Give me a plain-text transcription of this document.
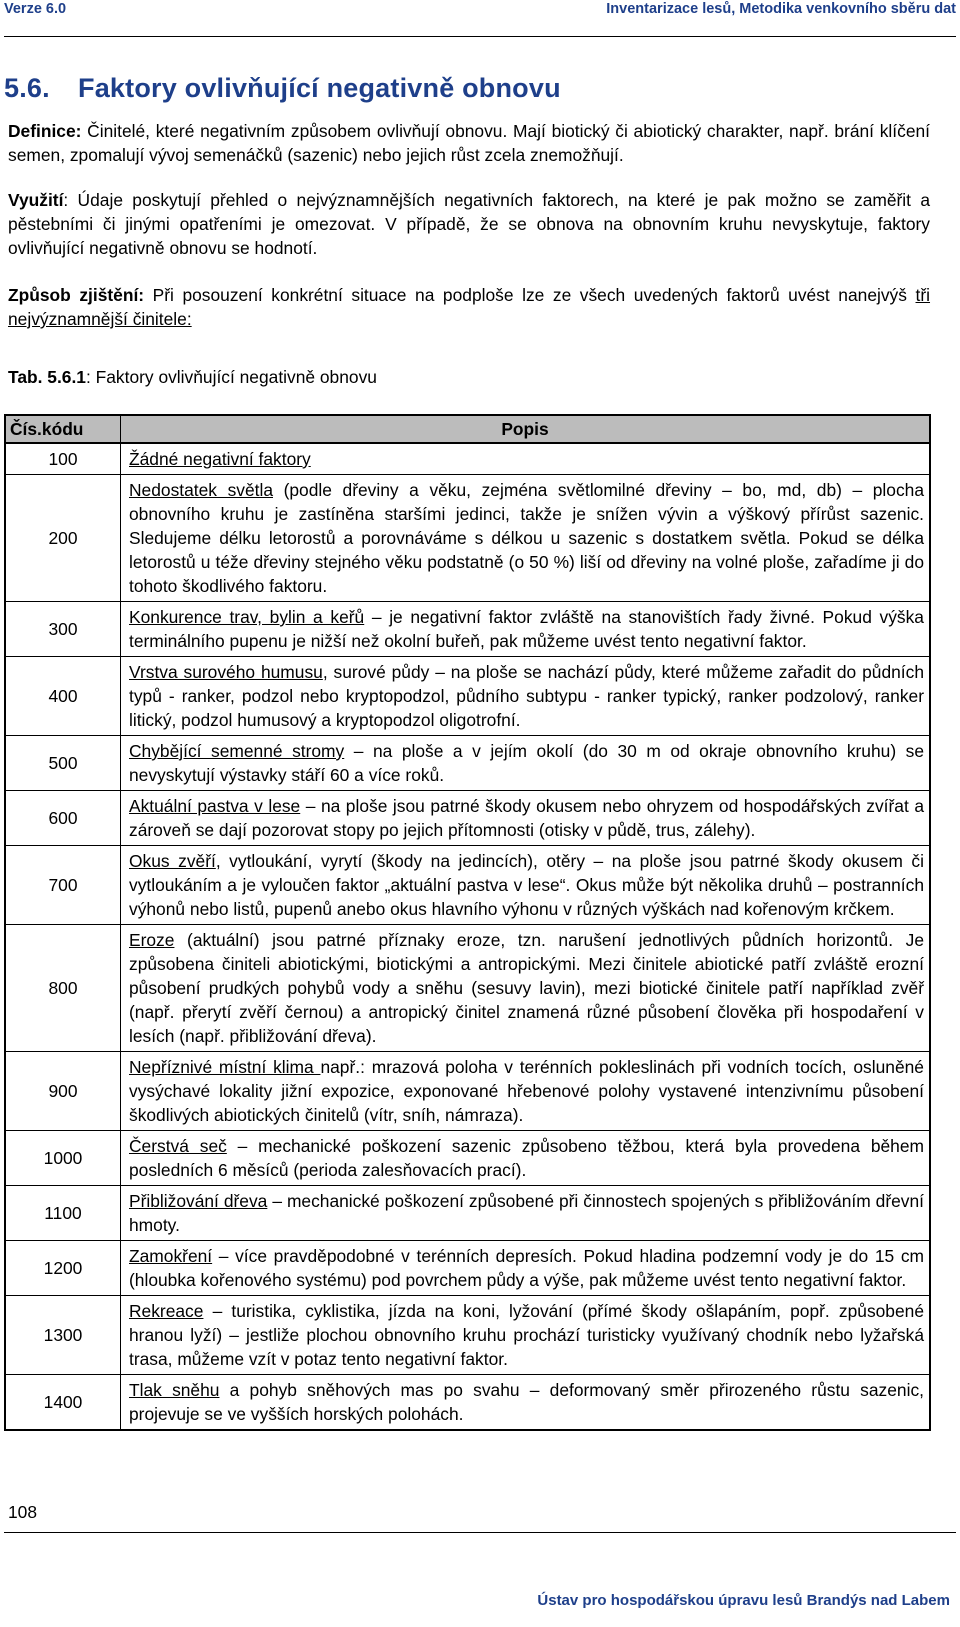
Verze 6.0	Inventarizace lesů, Metodika venkovního sběru dat
5.6. Faktory ovlivňující negativně obnovu

Definice: Činitelé, které negativním způsobem ovlivňují obnovu. Mají biotický či abiotický charakter, např. brání klíčení semen, zpomalují vývoj semenáčků (sazenic) nebo jejich růst zcela znemožňují.

Využití: Údaje poskytují přehled o nejvýznamnějších negativních faktorech, na které je pak možno se zaměřit a pěstebními či jinými opatřeními je omezovat. V případě, že se obnova na obnovním kruhu nevyskytuje, faktory ovlivňující negativně obnovu se hodnotí.

Způsob zjištění: Při posouzení konkrétní situace na podploše lze ze všech uvedených faktorů uvést nanejvýš tři nejvýznamnější činitele:

Tab. 5.6.1: Faktory ovlivňující negativně obnovu
Čís.kódu	Popis
100	Žádné negativní faktory
200	Nedostatek světla (podle dřeviny a věku, zejména světlomilné dřeviny – bo, md, db) – plocha obnovního kruhu je zastíněna staršími jedinci, takže je snížen vývin a výškový přírůst sazenic. Sledujeme délku letorostů a porovnáváme s délkou u sazenic s dostatkem světla. Pokud se délka letorostů u téže dřeviny stejného věku podstatně (o 50 %) liší od dřeviny na volné ploše, zařadíme ji do tohoto škodlivého faktoru.
300	Konkurence trav, bylin a keřů – je negativní faktor zvláště na stanovištích řady živné. Pokud výška terminálního pupenu je nižší než okolní buřeň, pak můžeme uvést tento negativní faktor.
400	Vrstva surového humusu, surové půdy – na ploše se nachází půdy, které můžeme zařadit do půdních typů - ranker, podzol nebo kryptopodzol, půdního subtypu - ranker typický, ranker podzolový, ranker litický, podzol humusový a kryptopodzol oligotrofní.
500	Chybějící semenné stromy – na ploše a v jejím okolí (do 30 m od okraje obnovního kruhu) se nevyskytují výstavky stáří 60 a více roků.
600	Aktuální pastva v lese – na ploše jsou patrné škody okusem nebo ohryzem od hospodářských zvířat a zároveň se dají pozorovat stopy po jejich přítomnosti (otisky v půdě, trus, zálehy).
700	Okus zvěří, vytloukání, vyrytí (škody na jedincích), otěry – na ploše jsou patrné škody okusem či vytloukáním a je vyloučen faktor „aktuální pastva v lese“. Okus může být několika druhů – postranních výhonů nebo listů, pupenů anebo okus hlavního výhonu v různých výškách nad kořenovým krčkem.
800	Eroze (aktuální) jsou patrné příznaky eroze, tzn. narušení jednotlivých půdních horizontů. Je způsobena činiteli abiotickými, biotickými a antropickými. Mezi činitele abiotické patří zvláště erozní působení prudkých pohybů vody a sněhu (sesuvy lavin), mezi biotické činitele patří například zvěř (např. přerytí zvěří černou) a antropický činitel znamená různé působení člověka při hospodaření v lesích (např. přibližování dřeva).
900	Nepříznivé místní klima např.: mrazová poloha v terénních pokleslinách při vodních tocích, osluněné vysýchavé lokality jižní expozice, exponované hřebenové polohy vystavené intenzivnímu působení škodlivých abiotických činitelů (vítr, sníh, námraza).
1000	Čerstvá seč – mechanické poškození sazenic způsobeno těžbou, která byla provedena během posledních 6 měsíců (perioda zalesňovacích prací).
1100	Přibližování dřeva – mechanické poškození způsobené při činnostech spojených s přibližováním dřevní hmoty.
1200	Zamokření – více pravděpodobné v terénních depresích. Pokud hladina podzemní vody je do 15 cm (hloubka kořenového systému) pod povrchem půdy a výše, pak můžeme uvést tento negativní faktor.
1300	Rekreace – turistika, cyklistika, jízda na koni, lyžování (přímé škody ošlapáním, popř. způsobené hranou lyží) – jestliže plochou obnovního kruhu prochází turisticky využívaný chodník nebo lyžařská trasa, můžeme vzít v potaz tento negativní faktor.
1400	Tlak sněhu a pohyb sněhových mas po svahu – deformovaný směr přirozeného růstu sazenic, projevuje se ve vyšších horských polohách.
108
Ústav pro hospodářskou úpravu lesů Brandýs nad Labem
